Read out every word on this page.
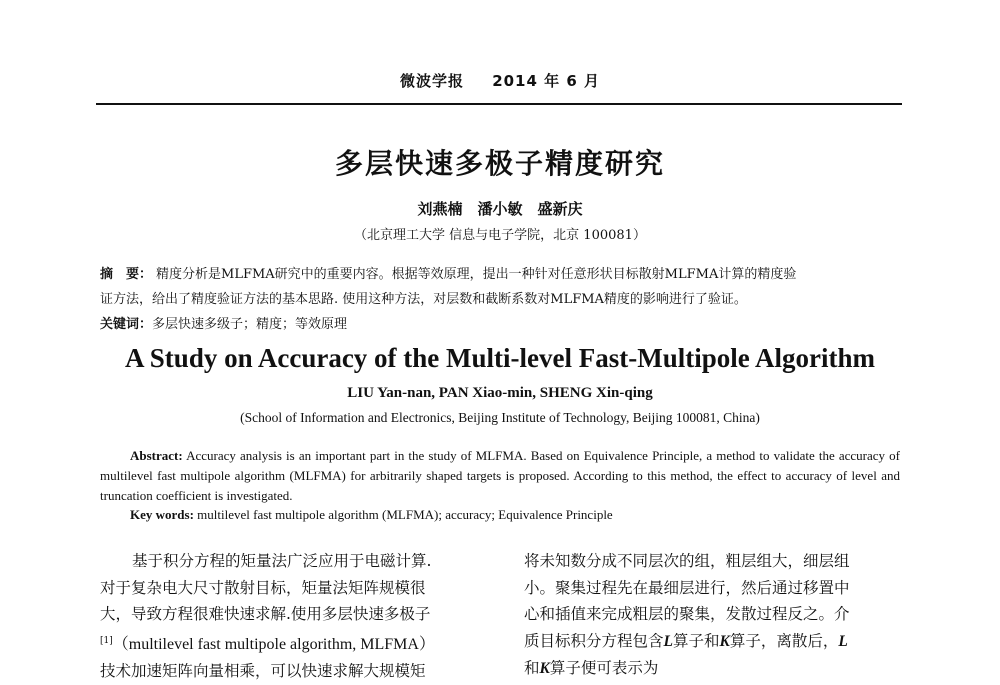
微波学报 2014 年 6 月
多层快速多极子精度研究
刘燕楠　潘小敏　盛新庆
（北京理工大学 信息与电子学院，北京 100081）
摘　要： 精度分析是MLFMA研究中的重要内容。根据等效原理，提出一种针对任意形状目标散射MLFMA计算的精度验
证方法，给出了精度验证方法的基本思路. 使用这种方法，对层数和截断系数对MLFMA精度的影响进行了验证。
关键词：多层快速多级子；精度；等效原理
A Study on Accuracy of the Multi-level Fast-Multipole Algorithm
LIU Yan-nan, PAN Xiao-min, SHENG Xin-qing
(School of Information and Electronics, Beijing Institute of Technology, Beijing 100081, China)
Abstract: Accuracy analysis is an important part in the study of MLFMA. Based on Equivalence Principle, a method to validate the accuracy of multilevel fast multipole algorithm (MLFMA) for arbitrarily shaped targets is proposed. According to this method, the effect to accuracy of level and truncation coefficient is investigated.
Key words: multilevel fast multipole algorithm (MLFMA); accuracy; Equivalence Principle
基于积分方程的矩量法广泛应用于电磁计算.
对于复杂电大尺寸散射目标，矩量法矩阵规模很
大，导致方程很难快速求解.使用多层快速多极子
[1]（multilevel fast multipole algorithm, MLFMA）
技术加速矩阵向量相乘，可以快速求解大规模矩
将未知数分成不同层次的组，粗层组大，细层组
小。聚集过程先在最细层进行，然后通过移置中
心和插值来完成粗层的聚集，发散过程反之。介
质目标积分方程包含L算子和K算子，离散后，L
和K算子便可表示为
